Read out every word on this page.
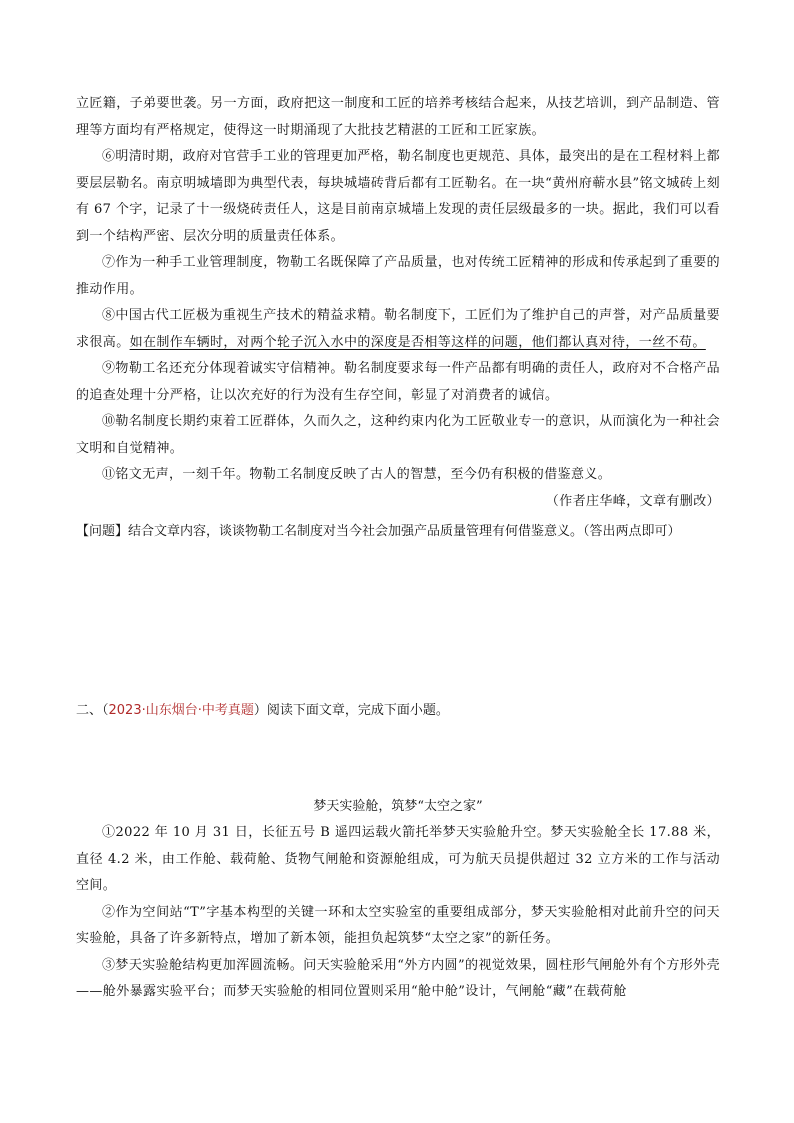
立匠籍，子弟要世袭。另一方面，政府把这一制度和工匠的培养考核结合起来，从技艺培训，到产品制造、管理等方面均有严格规定，使得这一时期涌现了大批技艺精湛的工匠和工匠家族。

⑥明清时期，政府对官营手工业的管理更加严格，勒名制度也更规范、具体，最突出的是在工程材料上都要层层勒名。南京明城墙即为典型代表，每块城墙砖背后都有工匠勒名。在一块“黄州府蕲水县”铭文城砖上刻有 67 个字，记录了十一级烧砖责任人，这是目前南京城墙上发现的责任层级最多的一块。据此，我们可以看到一个结构严密、层次分明的质量责任体系。

⑦作为一种手工业管理制度，物勒工名既保障了产品质量，也对传统工匠精神的形成和传承起到了重要的推动作用。

⑧中国古代工匠极为重视生产技术的精益求精。勒名制度下，工匠们为了维护自己的声誉，对产品质量要求很高。如在制作车辆时，对两个轮子沉入水中的深度是否相等这样的问题，他们都认真对待，一丝不苟。

⑨物勒工名还充分体现着诚实守信精神。勒名制度要求每一件产品都有明确的责任人，政府对不合格产品的追查处理十分严格，让以次充好的行为没有生存空间，彰显了对消费者的诚信。

⑩勒名制度长期约束着工匠群体，久而久之，这种约束内化为工匠敬业专一的意识，从而演化为一种社会文明和自觉精神。

⑪铭文无声，一刻千年。物勒工名制度反映了古人的智慧，至今仍有积极的借鉴意义。

（作者庄华峰，文章有删改）

【问题】结合文章内容，谈谈物勒工名制度对当今社会加强产品质量管理有何借鉴意义。（答出两点即可）

二、（2023·山东烟台·中考真题）阅读下面文章，完成下面小题。

梦天实验舱，筑梦“太空之家”

①2022 年 10 月 31 日，长征五号 B 遥四运载火箭托举梦天实验舱升空。梦天实验舱全长 17.88 米，直径 4.2 米，由工作舱、载荷舱、货物气闸舱和资源舱组成，可为航天员提供超过 32 立方米的工作与活动空间。

②作为空间站“T”字基本构型的关键一环和太空实验室的重要组成部分，梦天实验舱相对此前升空的问天实验舱，具备了许多新特点，增加了新本领，能担负起筑梦“太空之家”的新任务。

③梦天实验舱结构更加浑圆流畅。问天实验舱采用“外方内圆”的视觉效果，圆柱形气闸舱外有个方形外壳——舱外暴露实验平台；而梦天实验舱的相同位置则采用“舱中舱”设计，气闸舱“藏”在载荷舱
